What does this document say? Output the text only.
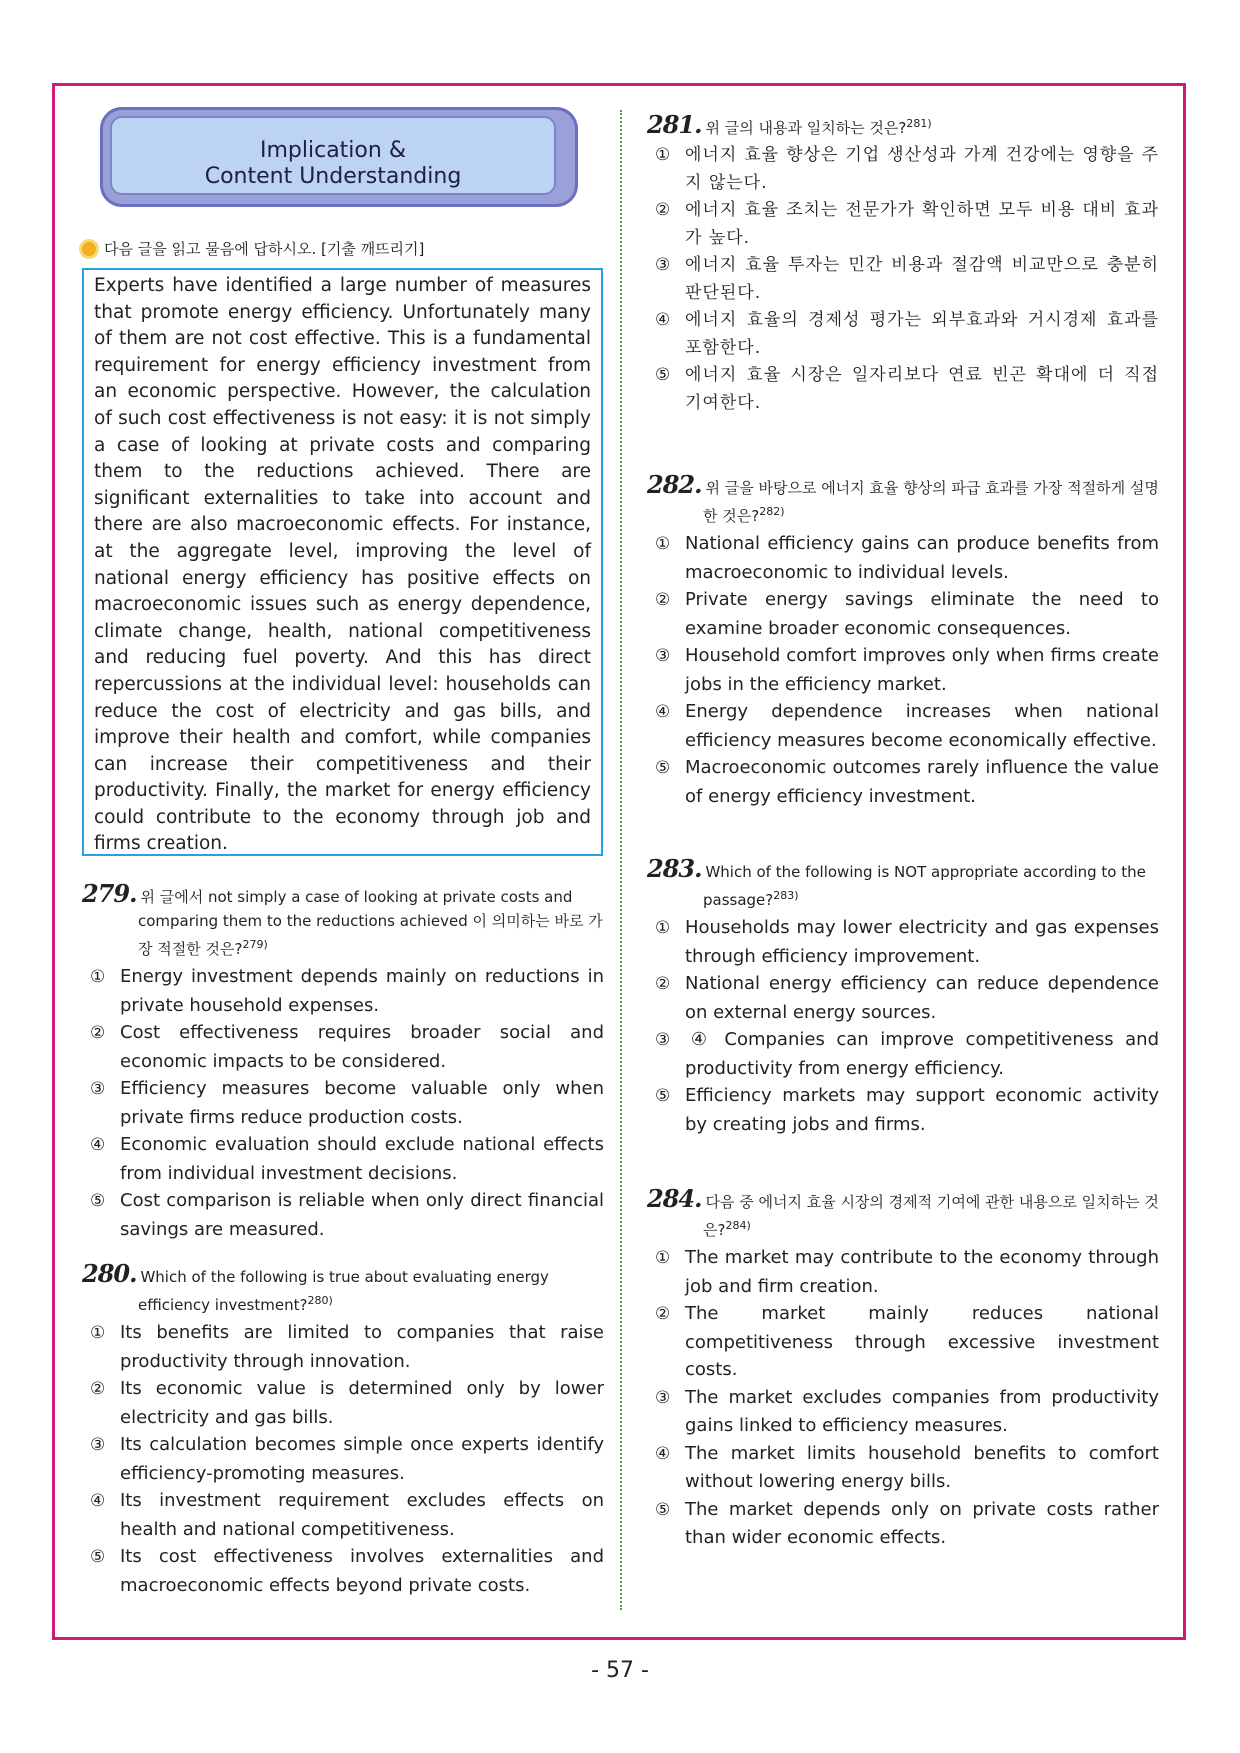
Implication &
Content Understanding
다음 글을 읽고 물음에 답하시오. [기출 깨뜨리기]
Experts have identified a large number of measures that promote energy efficiency. Unfortunately many of them are not cost effective. This is a fundamental requirement for energy efficiency investment from an economic perspective. However, the calculation of such cost effectiveness is not easy: it is not simply a case of looking at private costs and comparing them to the reductions achieved. There are significant externalities to take into account and there are also macroeconomic effects. For instance, at the aggregate level, improving the level of national energy efficiency has positive effects on macroeconomic issues such as energy dependence, climate change, health, national competitiveness and reducing fuel poverty. And this has direct repercussions at the individual level: households can reduce the cost of electricity and gas bills, and improve their health and comfort, while companies can increase their competitiveness and their productivity. Finally, the market for energy efficiency could contribute to the economy through job and firms creation.
279. 위 글에서 not simply a case of looking at private costs and comparing them to the reductions achieved 이 의미하는 바로 가장 적절한 것은?$^{279)}$
① Energy investment depends mainly on reductions in private household expenses.
② Cost effectiveness requires broader social and economic impacts to be considered.
③ Efficiency measures become valuable only when private firms reduce production costs.
④ Economic evaluation should exclude national effects from individual investment decisions.
⑤ Cost comparison is reliable when only direct financial savings are measured.
280. Which of the following is true about evaluating energy efficiency investment?$^{280)}$
① Its benefits are limited to companies that raise productivity through innovation.
② Its economic value is determined only by lower electricity and gas bills.
③ Its calculation becomes simple once experts identify efficiency-promoting measures.
④ Its investment requirement excludes effects on health and national competitiveness.
⑤ Its cost effectiveness involves externalities and macroeconomic effects beyond private costs.
281. 위 글의 내용과 일치하는 것은?$^{281)}$
① 에너지 효율 향상은 기업 생산성과 가계 건강에는 영향을 주지 않는다.
② 에너지 효율 조치는 전문가가 확인하면 모두 비용 대비 효과가 높다.
③ 에너지 효율 투자는 민간 비용과 절감액 비교만으로 충분히 판단된다.
④ 에너지 효율의 경제성 평가는 외부효과와 거시경제 효과를 포함한다.
⑤ 에너지 효율 시장은 일자리보다 연료 빈곤 확대에 더 직접 기여한다.
282. 위 글을 바탕으로 에너지 효율 향상의 파급 효과를 가장 적절하게 설명한 것은?$^{282)}$
① National efficiency gains can produce benefits from macroeconomic to individual levels.
② Private energy savings eliminate the need to examine broader economic consequences.
③ Household comfort improves only when firms create jobs in the efficiency market.
④ Energy dependence increases when national efficiency measures become economically effective.
⑤ Macroeconomic outcomes rarely influence the value of energy efficiency investment.
283. Which of the following is NOT appropriate according to the passage?$^{283)}$
① Households may lower electricity and gas expenses through efficiency improvement.
② National energy efficiency can reduce dependence on external energy sources.
③ ④ Companies can improve competitiveness and productivity from energy efficiency.
⑤ Efficiency markets may support economic activity by creating jobs and firms.
284. 다음 중 에너지 효율 시장의 경제적 기여에 관한 내용으로 일치하는 것은?$^{284)}$
① The market may contribute to the economy through job and firm creation.
② The market mainly reduces national competitiveness through excessive investment costs.
③ The market excludes companies from productivity gains linked to efficiency measures.
④ The market limits household benefits to comfort without lowering energy bills.
⑤ The market depends only on private costs rather than wider economic effects.
- 57 -
